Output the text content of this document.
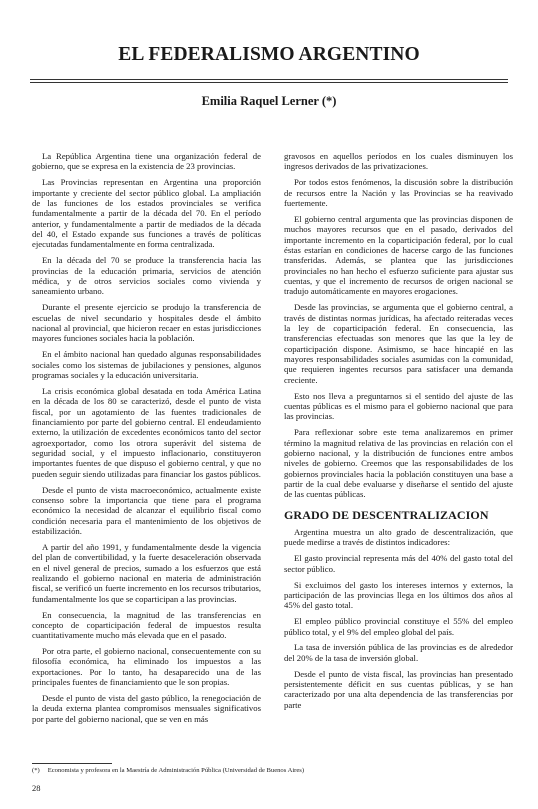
EL FEDERALISMO ARGENTINO
Emilia Raquel Lerner (*)

La República Argentina tiene una organización federal de gobierno, que se expresa en la existencia de 23 provincias.

Las Provincias representan en Argentina una proporción importante y creciente del sector público global. La ampliación de las funciones de los estados provinciales se verifica fundamentalmente a partir de la década del 70. En el período anterior, y fundamentalmente a partir de mediados de la década del 40, el Estado expande sus funciones a través de políticas ejecutadas fundamentalmente en forma centralizada.

En la década del 70 se produce la transferencia hacia las provincias de la educación primaria, servicios de atención médica, y de otros servicios sociales como vivienda y saneamiento urbano.

Durante el presente ejercicio se produjo la transferencia de escuelas de nivel secundario y hospitales desde el ámbito nacional al provincial, que hicieron recaer en estas jurisdicciones mayores funciones sociales hacia la población.

En el ámbito nacional han quedado algunas responsabilidades sociales como los sistemas de jubilaciones y pensiones, algunos programas sociales y la educación universitaria.

La crisis económica global desatada en toda América Latina en la década de los 80 se caracterizó, desde el punto de vista fiscal, por un agotamiento de las fuentes tradicionales de financiamiento por parte del gobierno central. El endeudamiento externo, la utilización de excedentes económicos tanto del sector agroexportador, como los otrora superávit del sistema de seguridad social, y el impuesto inflacionario, constituyeron importantes fuentes de que dispuso el gobierno central, y que no pueden seguir siendo utilizadas para financiar los gastos públicos.

Desde el punto de vista macroeconómico, actualmente existe consenso sobre la importancia que tiene para el programa económico la necesidad de alcanzar el equilibrio fiscal como condición necesaria para el mantenimiento de los objetivos de estabilización.

A partir del año 1991, y fundamentalmente desde la vigencia del plan de convertibilidad, y la fuerte desaceleración observada en el nivel general de precios, sumado a los esfuerzos que está realizando el gobierno nacional en materia de administración fiscal, se verificó un fuerte incremento en los recursos tributarios, fundamentalmente los que se coparticipan a las provincias.

En consecuencia, la magnitud de las transferencias en concepto de coparticipación federal de impuestos resulta cuantitativamente mucho más elevada que en el pasado.

Por otra parte, el gobierno nacional, consecuentemente con su filosofía económica, ha eliminado los impuestos a las exportaciones. Por lo tanto, ha desaparecido una de las principales fuentes de financiamiento que le son propias.

Desde el punto de vista del gasto público, la renegociación de la deuda externa plantea compromisos mensuales significativos por parte del gobierno nacional, que se ven en más

gravosos en aquellos períodos en los cuales disminuyen los ingresos derivados de las privatizaciones.

Por todos estos fenómenos, la discusión sobre la distribución de recursos entre la Nación y las Provincias se ha reavivado fuertemente.

El gobierno central argumenta que las provincias disponen de muchos mayores recursos que en el pasado, derivados del importante incremento en la coparticipación federal, por lo cual éstas estarían en condiciones de hacerse cargo de las funciones transferidas. Además, se plantea que las jurisdicciones provinciales no han hecho el esfuerzo suficiente para ajustar sus cuentas, y que el incremento de recursos de origen nacional se tradujo automáticamente en mayores erogaciones.

Desde las provincias, se argumenta que el gobierno central, a través de distintas normas jurídicas, ha afectado reiteradas veces la ley de coparticipación federal. En consecuencia, las transferencias efectuadas son menores que las que la ley de coparticipación dispone. Asimismo, se hace hincapié en las mayores responsabilidades sociales asumidas con la comunidad, que requieren ingentes recursos para satisfacer una demanda creciente.

Esto nos lleva a preguntarnos si el sentido del ajuste de las cuentas públicas es el mismo para el gobierno nacional que para las provincias.

Para reflexionar sobre este tema analizaremos en primer término la magnitud relativa de las provincias en relación con el gobierno nacional, y la distribución de funciones entre ambos niveles de gobierno. Creemos que las responsabilidades de los gobiernos provinciales hacia la población constituyen una base a partir de la cual debe evaluarse y diseñarse el sentido del ajuste de las cuentas públicas.

GRADO DE DESCENTRALIZACION

Argentina muestra un alto grado de descentralización, que puede medirse a través de distintos indicadores:

El gasto provincial representa más del 40% del gasto total del sector público.

Si excluimos del gasto los intereses internos y externos, la participación de las provincias llega en los últimos dos años al 45% del gasto total.

El empleo público provincial constituye el 55% del empleo público total, y el 9% del empleo global del país.

La tasa de inversión pública de las provincias es de alrededor del 20% de la tasa de inversión global.

Desde el punto de vista fiscal, las provincias han presentado persistentemente déficit en sus cuentas públicas, y se han caracterizado por una alta dependencia de las transferencias por parte

(*) Economista y profesora en la Maestría de Administración Pública (Universidad de Buenos Aires)
28
